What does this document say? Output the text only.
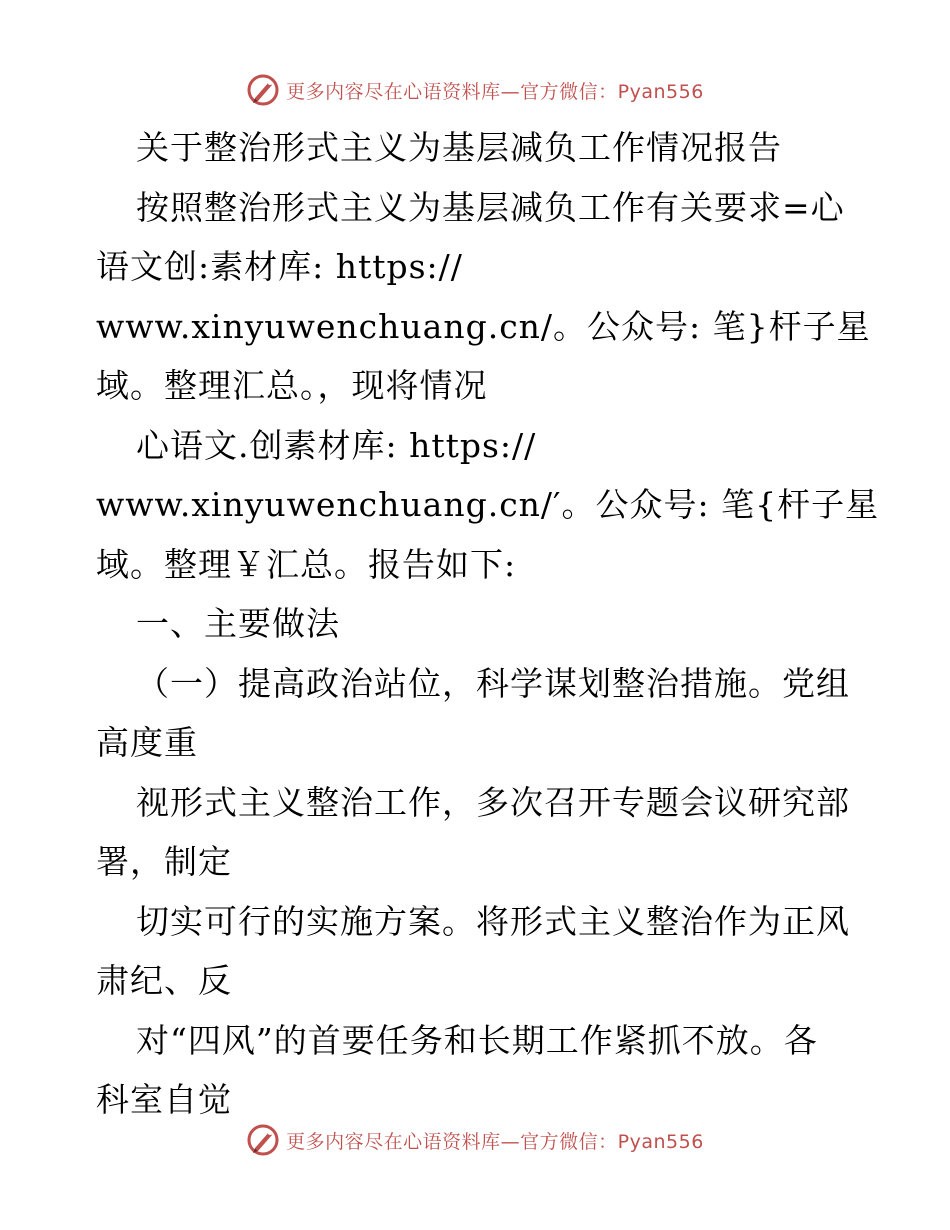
更多内容尽在心语资料库—官方微信：Pyan556
关于整治形式主义为基层减负工作情况报告
按照整治形式主义为基层减负工作有关要求=心
语文创:素材库: https://
www.xinyuwenchuang.cn/。公众号: 笔}杆子星
域。整理汇总。，现将情况
心语文.创素材库: https://
www.xinyuwenchuang.cn/′。公众号: 笔{杆子星
域。整理￥汇总。报告如下:
一、主要做法
（一）提高政治站位，科学谋划整治措施。党组
高度重
视形式主义整治工作，多次召开专题会议研究部
署，制定
切实可行的实施方案。将形式主义整治作为正风
肃纪、反
对“四风”的首要任务和长期工作紧抓不放。各
科室自觉
更多内容尽在心语资料库—官方微信：Pyan556
